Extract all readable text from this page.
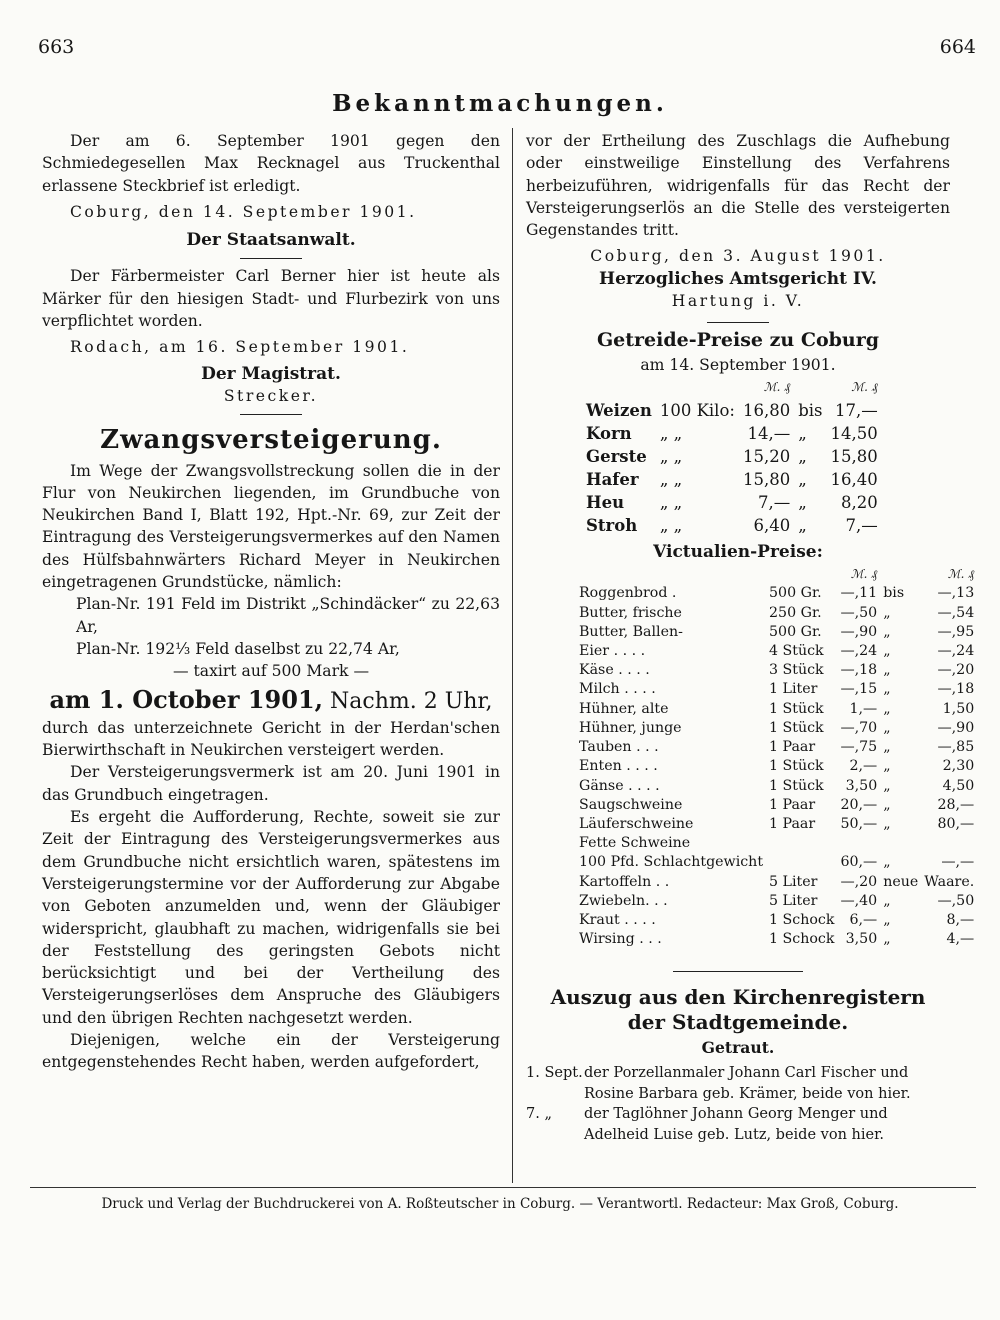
663	664
Bekanntmachungen.

Der am 6. September 1901 gegen den Schmiedegesellen Max Recknagel aus Truckenthal erlassene Steckbrief ist erledigt.

Coburg, den 14. September 1901.

Der Staatsanwalt.

Der Färbermeister Carl Berner hier ist heute als Märker für den hiesigen Stadt- und Flurbezirk von uns verpflichtet worden.

Rodach, am 16. September 1901.

Der Magistrat.

Strecker.

Zwangsversteigerung.

Im Wege der Zwangsvollstreckung sollen die in der Flur von Neukirchen liegenden, im Grundbuche von Neukirchen Band I, Blatt 192, Hpt.-Nr. 69, zur Zeit der Eintragung des Versteigerungsvermerkes auf den Namen des Hülfsbahnwärters Richard Meyer in Neukirchen eingetragenen Grundstücke, nämlich:

Plan-Nr. 191 Feld im Distrikt „Schindäcker“ zu 22,63 Ar,

Plan-Nr. 192⅓ Feld daselbst zu 22,74 Ar,

— taxirt auf 500 Mark —

am 1. October 1901, Nachm. 2 Uhr,

durch das unterzeichnete Gericht in der Herdan'schen Bierwirthschaft in Neukirchen versteigert werden.

Der Versteigerungsvermerk ist am 20. Juni 1901 in das Grundbuch eingetragen.

Es ergeht die Aufforderung, Rechte, soweit sie zur Zeit der Eintragung des Versteigerungsvermerkes aus dem Grundbuche nicht ersichtlich waren, spätestens im Versteigerungstermine vor der Aufforderung zur Abgabe von Geboten anzumelden und, wenn der Gläubiger widerspricht, glaubhaft zu machen, widrigenfalls sie bei der Feststellung des geringsten Gebots nicht berücksichtigt und bei der Vertheilung des Versteigerungserlöses dem Anspruche des Gläubigers und den übrigen Rechten nachgesetzt werden.

Diejenigen, welche ein der Versteigerung entgegenstehendes Recht haben, werden aufgefordert,

vor der Ertheilung des Zuschlags die Aufhebung oder einstweilige Einstellung des Verfahrens herbeizuführen, widrigenfalls für das Recht der Versteigerungserlös an die Stelle des versteigerten Gegenstandes tritt.

Coburg, den 3. August 1901.

Herzogliches Amtsgericht IV.

Hartung i. V.

Getreide-Preise zu Coburg

am 14. September 1901.

		ℳ. ₰		ℳ. ₰
Weizen	100 Kilo:	16,80	bis	17,—
Korn	„ „	14,—	„	14,50
Gerste	„ „	15,20	„	15,80
Hafer	„ „	15,80	„	16,40
Heu	„ „	7,—	„	8,20
Stroh	„ „	6,40	„	7,—
Victualien-Preise:
		ℳ. ₰		ℳ. ₰
Roggenbrod .	500 Gr.	—,11	bis	—,13
Butter, frische	250 Gr.	—,50	„	—,54
Butter, Ballen-	500 Gr.	—,90	„	—,95
Eier . . . .	4 Stück	—,24	„	—,24
Käse . . . .	3 Stück	—,18	„	—,20
Milch . . . .	1 Liter	—,15	„	—,18
Hühner, alte	1 Stück	1,—	„	1,50
Hühner, junge	1 Stück	—,70	„	—,90
Tauben . . .	1 Paar	—,75	„	—,85
Enten . . . .	1 Stück	2,—	„	2,30
Gänse . . . .	1 Stück	3,50	„	4,50
Saugschweine	1 Paar	20,—	„	28,—
Läuferschweine	1 Paar	50,—	„	80,—
Fette Schweine				
100 Pfd. Schlachtgewicht		60,—	„	—,—
Kartoffeln . .	5 Liter	—,20	neue	Waare.
Zwiebeln. . .	5 Liter	—,40	„	—,50
Kraut . . . .	1 Schock	6,—	„	8,—
Wirsing . . .	1 Schock	3,50	„	4,—
Auszug aus den Kirchenregistern
der Stadtgemeinde.

Getraut.

1. Sept. der Porzellanmaler Johann Carl Fischer und Rosine Barbara geb. Krämer, beide von hier.
7. „	der Taglöhner Johann Georg Menger und Adelheid Luise geb. Lutz, beide von hier.
Druck und Verlag der Buchdruckerei von A. Roßteutscher in Coburg. — Verantwortl. Redacteur: Max Groß, Coburg.
